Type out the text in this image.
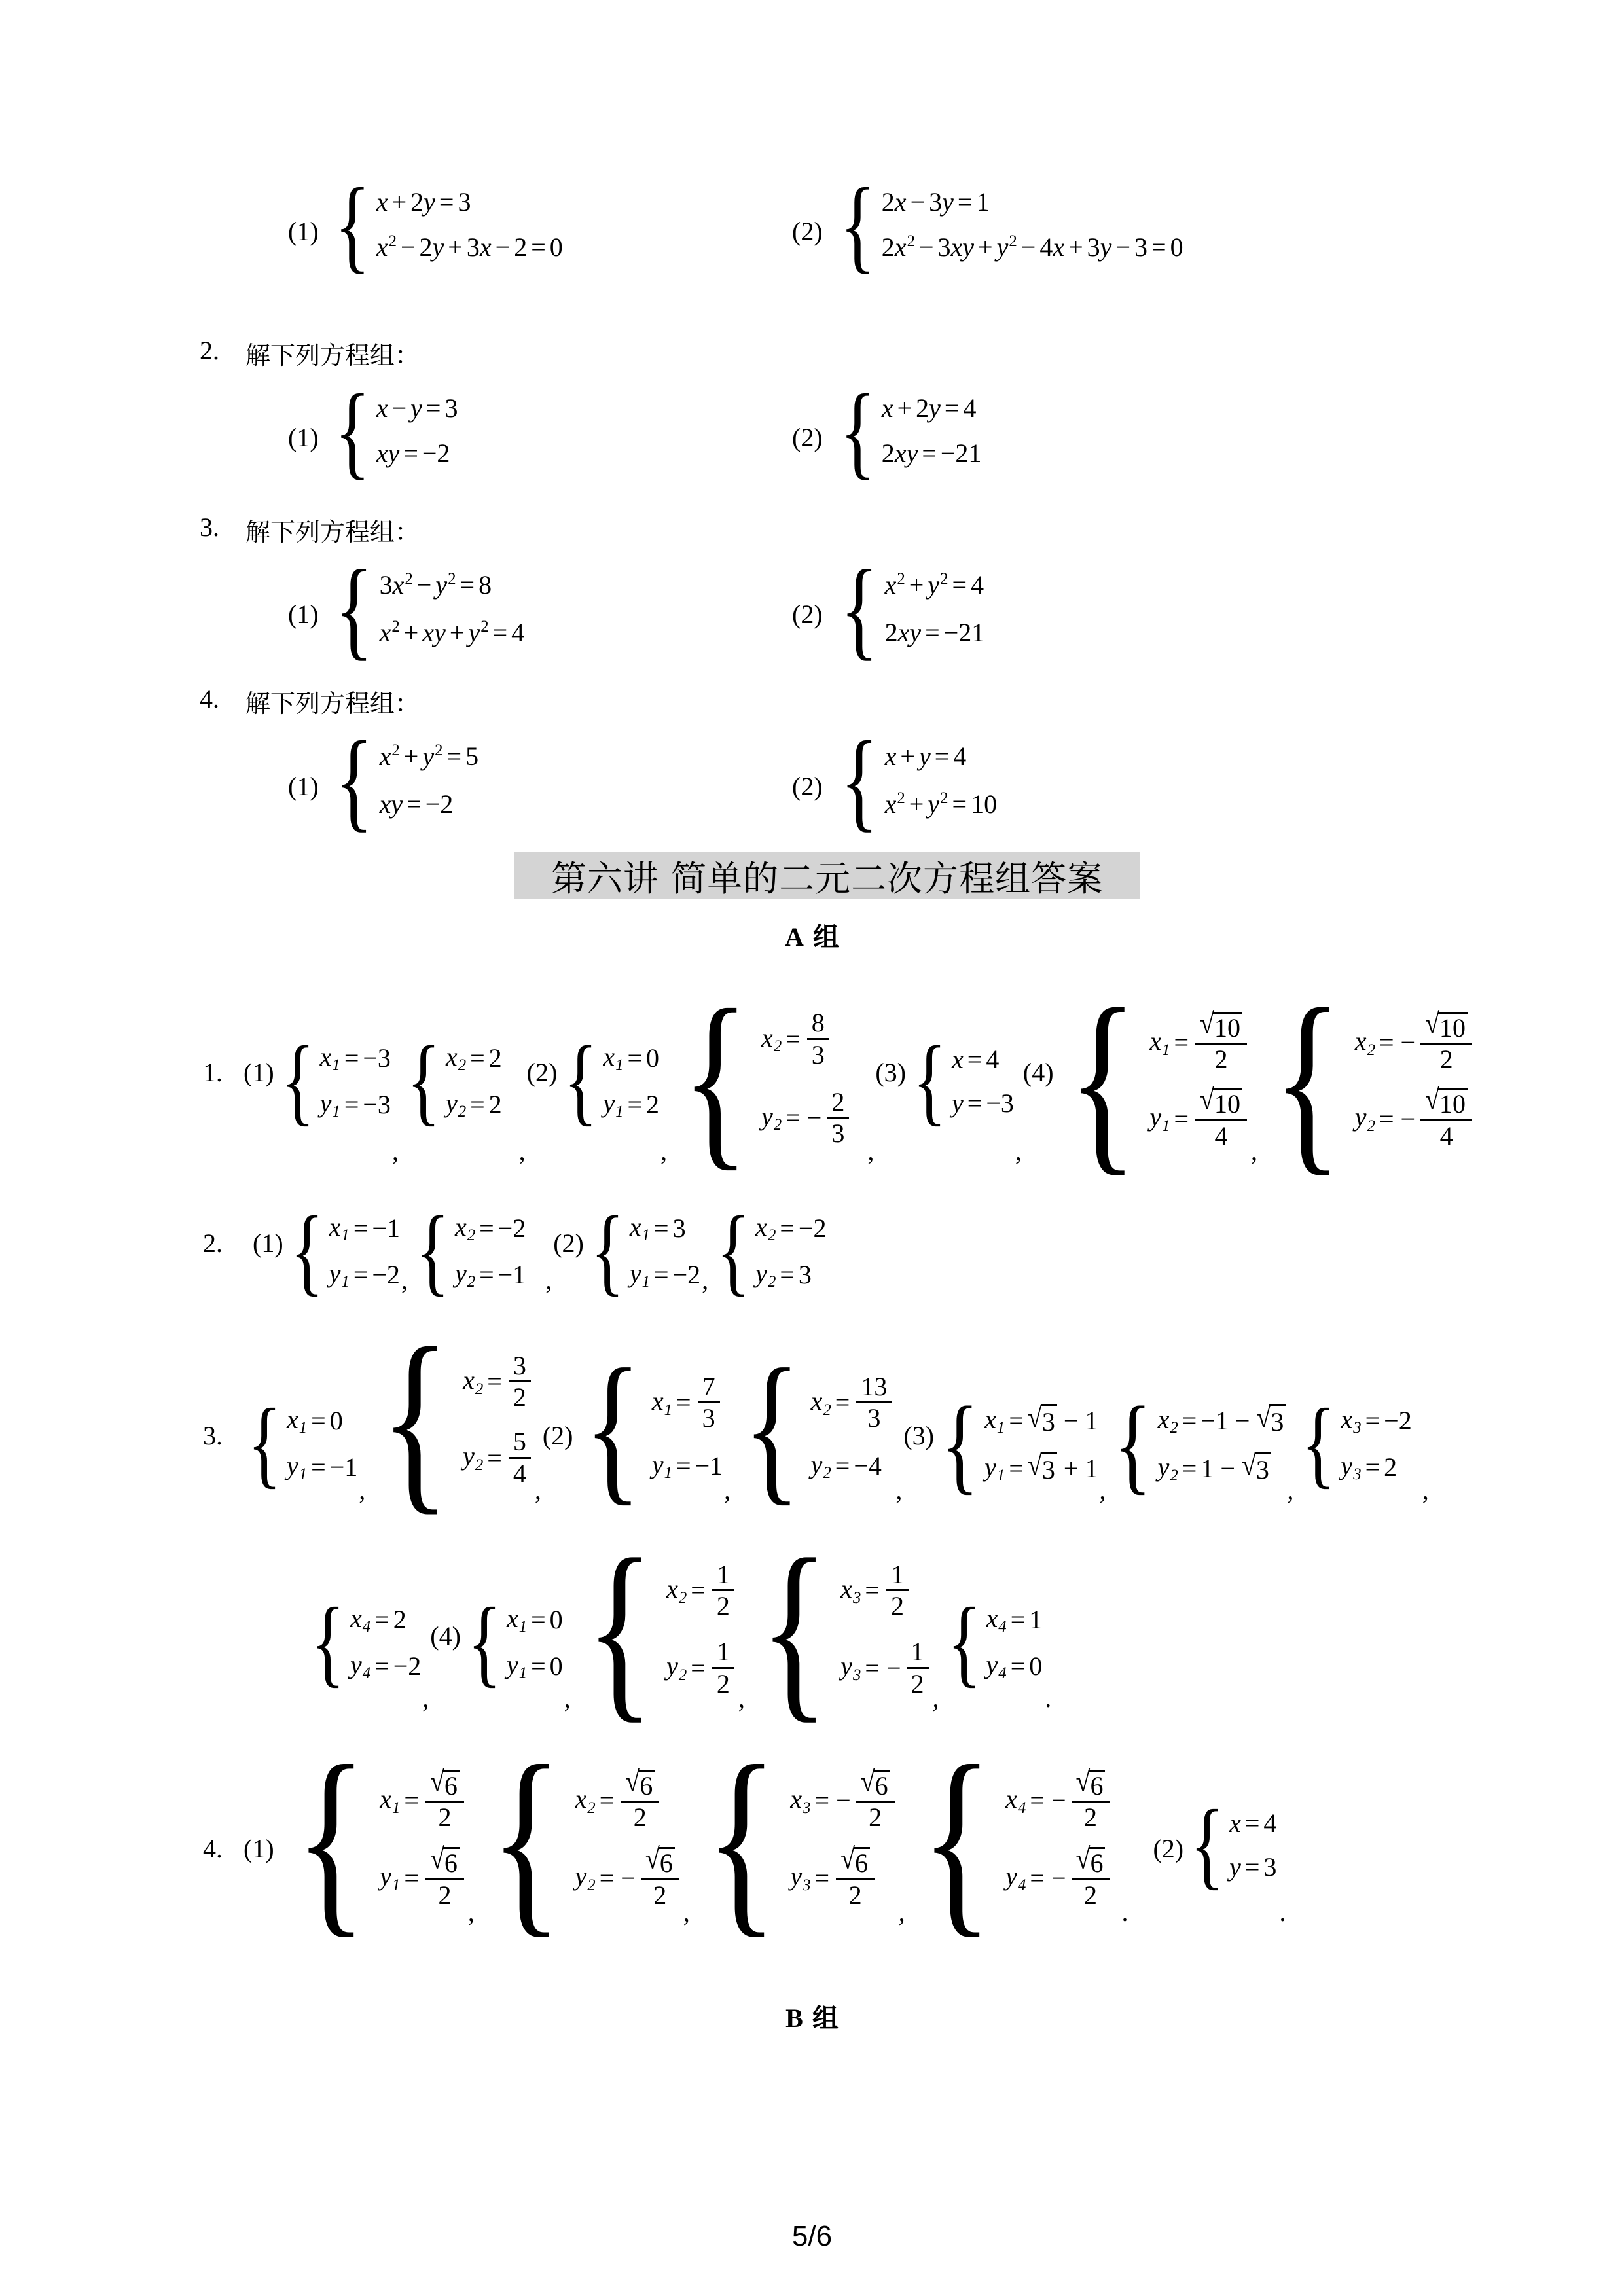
(1) { x + 2 y = 3
$x^2 - 2$ y + 3 x − 2 = 0
(2) { 2 x − 3 y = 1
2 $x^2 - 3$ xy + $y^2 - 4$ x + 3 y − 3 = 0
2. 解下列方程组：
(1) { x − y = 3
xy = −2
(2) { x + 2 y = 4
2 xy = −21
3. 解下列方程组：
(1) { 3 $x^2 - y^2 = 8$
$x^2$ + xy + $y^2 = 4$
(2) { $x^2 + y^2 = 4$
2 xy = −21
4. 解下列方程组：
(1) { $x^2 + y^2 = 5$
xy = −2
(2) { x + y = 4
$x^2 + y^2 = 10$
第六讲 简单的二元二次方程组答案
A 组
1. (1) { $x_1 = -3$
$y_1 = -3$
,
{ $x_2 = 2$
$y_2 = 2$
,
(2) { $x_1 = 0$
$y_1 = 2$
, { $x_2 = \frac{8}{3}$
$y_2$ = − $\frac{2}{3}$
,
(3) { x = 4
y = −3
,
(4) { $x_1 = \frac{√ 10}{2}$
$y_1 = \frac{√ 10}{4}$
, { $x_2$ = − $\frac{√ 10}{2}$
$y_2$ = − $\frac{√ 10}{4}$
2. (1) { $x_1 = -1$
$y_1 = -2$ , { $x_2 = -2$
$y_2 = -1$ ,
(2) { $x_1 = 3$
$y_1 = -2$ , { $x_2 = -2$
$y_2 = 3$
3. { $x_1 = 0$
$y_1 = -1$
, { $x_2 = \frac{3}{2}$
$y_2 = \frac{5}{4}$
,
(2) { $x_1 = \frac{7}{3}$
$y_1 = -1$
, { $x_2 = \frac{13}{3}$
$y_2 = -4$
,
(3) { $x_1$ = √ 3 − 1
$y_1$ = √ 3 + 1
, { $x_2 = -1$ − √ 3
$y_2 = 1$ − √ 3
, { $x_3 = -2$
$y_3 = 2$
,
{ $x_4 = 2$
$y_4 = -2$
,
(4) { $x_1 = 0$
$y_1 = 0$
, { $x_2 = \frac{1}{2}$
$y_2 = \frac{1}{2}$
, { $x_3 = \frac{1}{2}$
$y_3$ = − $\frac{1}{2}$
,
{ $x_4 = 1$
$y_4 = 0$
.
4. (1) { $x_1 = \frac{√ 6}{2}$
$y_1 = \frac{√ 6}{2}$
, { $x_2 = \frac{√ 6}{2}$
$y_2$ = − $\frac{√ 6}{2}$
, { $x_3$ = − $\frac{√ 6}{2}$
$y_3 = \frac{√ 6}{2}$
, { $x_4$ = − $\frac{√ 6}{2}$
$y_4$ = − $\frac{√ 6}{2}$
.
(2) { x = 4
y = 3
.
B 组
5/6
